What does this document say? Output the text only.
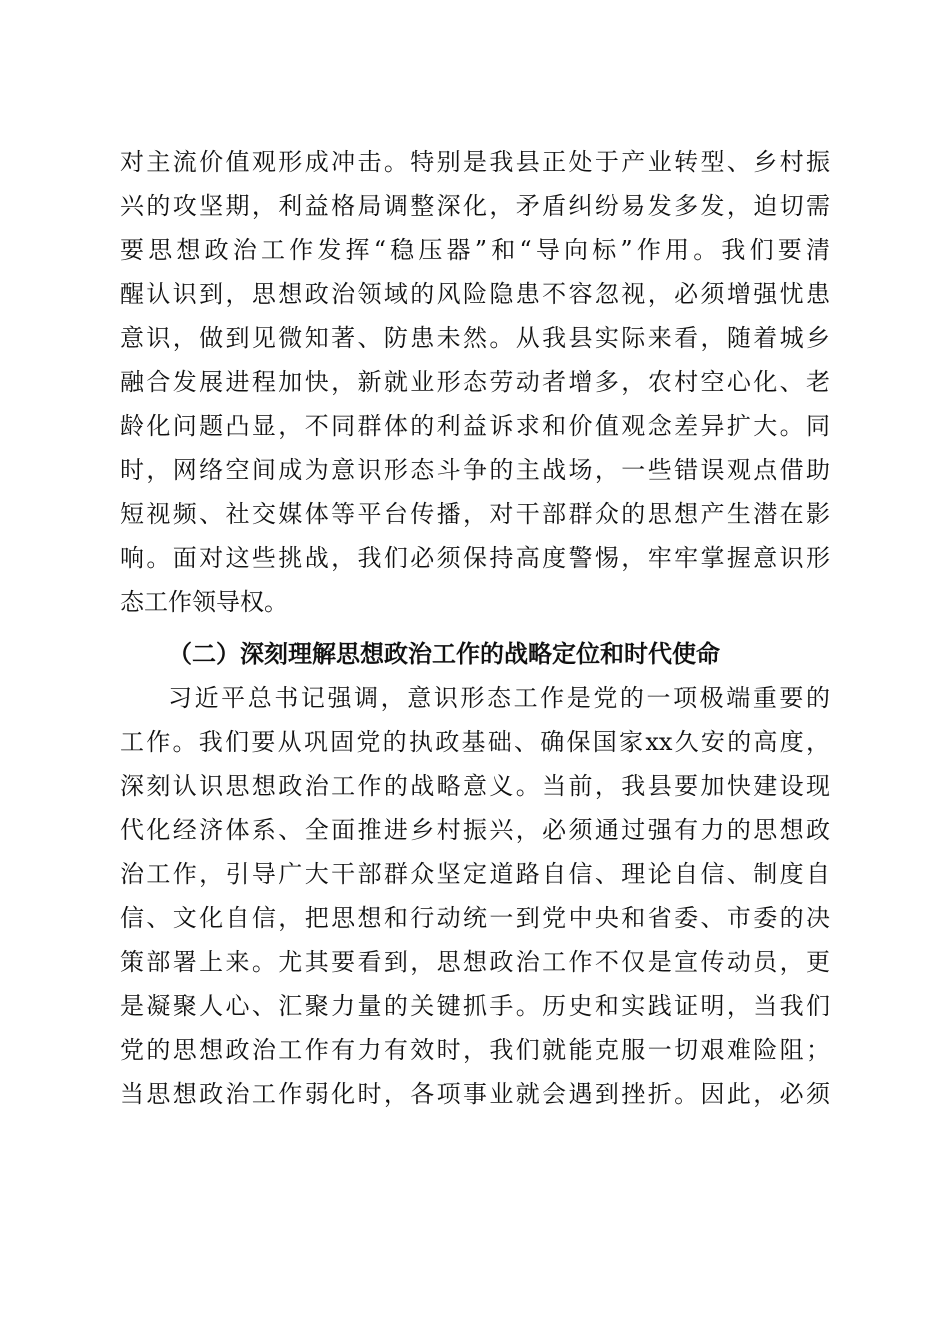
对主流价值观形成冲击。特别是我县正处于产业转型、乡村振
兴的攻坚期，利益格局调整深化，矛盾纠纷易发多发，迫切需
要思想政治工作发挥“稳压器”和“导向标”作用。我们要清
醒认识到，思想政治领域的风险隐患不容忽视，必须增强忧患
意识，做到见微知著、防患未然。从我县实际来看，随着城乡
融合发展进程加快，新就业形态劳动者增多，农村空心化、老
龄化问题凸显，不同群体的利益诉求和价值观念差异扩大。同
时，网络空间成为意识形态斗争的主战场，一些错误观点借助
短视频、社交媒体等平台传播，对干部群众的思想产生潜在影
响。面对这些挑战，我们必须保持高度警惕，牢牢掌握意识形
态工作领导权。
（二）深刻理解思想政治工作的战略定位和时代使命
习近平总书记强调，意识形态工作是党的一项极端重要的
工作。我们要从巩固党的执政基础、确保国家xx久安的高度，
深刻认识思想政治工作的战略意义。当前，我县要加快建设现
代化经济体系、全面推进乡村振兴，必须通过强有力的思想政
治工作，引导广大干部群众坚定道路自信、理论自信、制度自
信、文化自信，把思想和行动统一到党中央和省委、市委的决
策部署上来。尤其要看到，思想政治工作不仅是宣传动员，更
是凝聚人心、汇聚力量的关键抓手。历史和实践证明，当我们
党的思想政治工作有力有效时，我们就能克服一切艰难险阻；
当思想政治工作弱化时，各项事业就会遇到挫折。因此，必须
